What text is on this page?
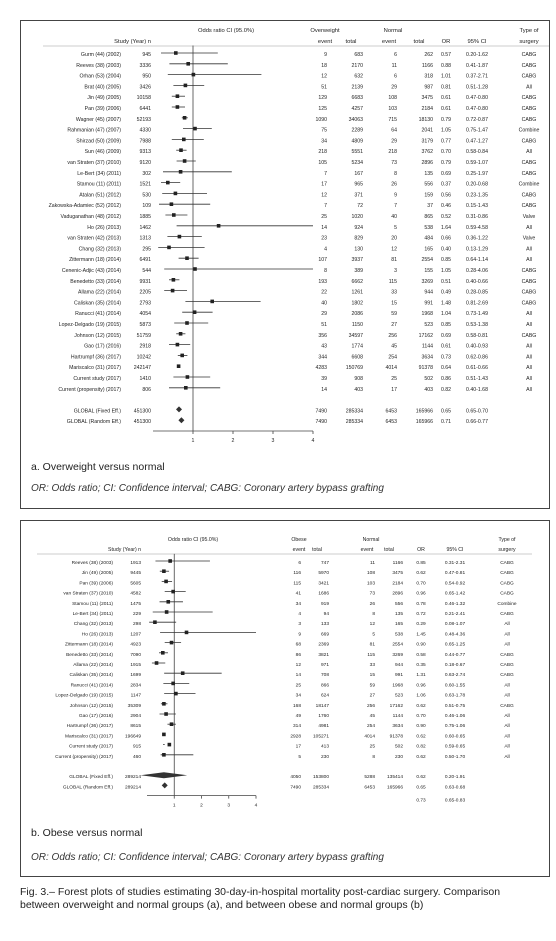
Odds ratio CI (95.0%)
Study (Year) n
Overweight	Normal
event total	event	total	OR	95% CI
Type of surgery
1	2	3	4
Gurm (44) (2002)	945	9	683	6	262 0.57	0.20-1.62	CABG
Reeves (38) (2003)	3336	18	2170	11	1166 0.88	0.41-1.87	CABG
Orhan (53) (2004)	950	12	632	6	318 1.01	0.37-2.71	CABG
Brat (40) (2005)	3426	51	2139	29	987 0.81	0.51-1.28	All
Jin (49) (2005)	10158	129	6683	108	3475 0.61	0.47-0.80	CABG
Pan (39) (2006)	6441	125	4257	103	2184 0.61	0.47-0.80	CABG
Wagner (45) (2007)	52193	1090	34063	715	18130 0.79	0.72-0.87	CABG
Rahmanian (47) (2007)	4330	75	2289	64	2041 1.05	0.75-1.47	Combine
Shirzad (50) (2009)	7988	34	4809	29	3179 0.77	0.47-1.27	CABG
Sun (46) (2009)	9313	218	5551	218	3762 0.70	0.58-0.84	All
van Straten (37) (2010)	9120	105	5234	73	2896 0.79	0.59-1.07	CABG
Le-Bert (34) (2011)	302	7	167	8	135 0.69	0.25-1.97	CABG
Stamou (11) (2011)	1521	17	965	26	556 0.37	0.20-0.68	Combine
Atalan (51) (2012)	530	12	371	9	159 0.56	0.23-1.35	CABG
Zakowska-Adamiec (52) (2012)	109	7	72	7	37 0.46	0.15-1.43	CABG
Vaduganathan (48) (2012)	1885	25	1020	40	865 0.52	0.31-0.86	Valve
Ho (26) (2013)	1462	14	924	5	538 1.64	0.59-4.58	All
van Straten (42) (2013)	1313	23	829	20	484 0.66	0.36-1.22	Valve
Chang (32) (2013)	295	4	130	12	165 0.40	0.13-1.29	All
Zittermann (18) (2014)	6491	107	3937	81	2554 0.85	0.64-1.14	All
Cenenic-Adjic (43) (2014)	544	8	389	3	155 1.05	0.28-4.06	CABG
Benedetto (33) (2014)	9931	193	6662	115	3269 0.51	0.40-0.66	CABG
Allama (22) (2014)	2205	22	1261	33	944 0.49	0.28-0.85	CABG
Caliskan (35) (2014)	2793	40	1802	15	991 1.48	0.81-2.69	CABG
Ranucci (41) (2014)	4054	29	2086	59	1968 1.04	0.73-1.49	All
Lopez-Delgado (19) (2015)	5873	51	1150	27	523 0.85	0.53-1.38	All
Johnson (12) (2015)	51759	356	34597	256	17162 0.69	0.58-0.81	CABG
Gao (17) (2016)	2918	43	1774	45	1144 0.61	0.40-0.93	All
Hartrumpf (36) (2017)	10242	344	6608	254	3634 0.73	0.62-0.86	All
Mariscalco (31) (2017) 242147	4283	150769	4014	91378 0.64	0.61-0.66	All
Current study (2017)	1410	39	908	25	502 0.86	0.51-1.43	All
Current (propensity) (2017)	806	14	403	17	403 0.82	0.40-1.68	All
GLOBAL (Fixed Eff.) 451300	7490	285334	6453	165966 0.65	0.65-0.70
GLOBAL (Random Eff.) 451300	7490	285334	6453	165966 0.71	0.66-0.77
a. Overweight versus normal
OR: Odds ratio; CI: Confidence interval; CABG: Coronary artery bypass grafting
Odds ratio CI (95.0%)
Study (Year) n
Obese	Normal
event total	event total	OR	95% CI
Type of surgery
1	2	3	4
Reeves (38) (2003)	1913	6	747	11	1166	0.85	0.31-2.31	CABG
Jin (49) (2005)	9445	116	5970	108	3475	0.62	0.47-0.81	CABG
Pan (39) (2006)	5605	115	3421	103	2184	0.70	0.54-0.92	CABG
van Straten (37) (2010)	4582	41	1686	73	2896	0.96	0.65-1.42	CABG
Stamou (11) (2011)	1475	34	919	26	556	0.78	0.46-1.32	Combine
Le-Bert (34) (2011)	229	4	94	8	135	0.72	0.21-2.41	CABG
Chang (32) (2013)	298	3	133	12	165	0.29	0.08-1.07	All
Ho (26) (2013)	1207	9	669	5	538	1.45	0.48-4.36	All
Zittermann (18) (2014)	4923	68	2369	81	2554	0.90	0.65-1.25	All
Benedetto (33) (2014)	7090	86	3821	115	3269	0.58	0.44-0.77	CABG
Allama (22) (2014)	1915	12	971	33	944	0.35	0.18-0.67	CABG
Caliskan (35) (2014)	1699	14	708	15	991	1.31	0.63-2.74	CABG
Ranucci (41) (2014)	2834	25	866	59	1968	0.96	0.60-1.55	All
Lopez-Delgado (19) (2015)	1147	34	624	27	523	1.06	0.63-1.78	All
Johnson (12) (2015)	35309	168	18147	256	17162	0.62	0.51-0.75	CABG
Gao (17) (2016)	2904	49	1760	45	1144	0.70	0.46-1.06	All
Hartrumpf (36) (2017)	8615	314	4981	254	3634	0.90	0.75-1.06	All
Mariscalco (31) (2017) 196649	2928 105271	4014	91378	0.62	0.60-0.65	All
Current study (2017)	915	17	413	25	502	0.82	0.59-0.65	All
Current (propensity) (2017)	460	5	230	8	230	0.62	0.50-1.70	All
GLOBAL (Fixed Eff.) 289214	4050 153800	5288 135414	0.62	0.20-1.91
GLOBAL (Random Eff.) 289214	7490 285334	6453 165966	0.65	0.63-0.68
0.73	0.65-0.83
b. Obese versus normal
OR: Odds ratio; CI: Confidence interval; CABG: Coronary artery bypass grafting
Fig. 3.– Forest plots of studies estimating 30-day-in-hospital mortality post-cardiac surgery. Comparison between overweight and normal groups (a), and between obese and normal groups (b)
